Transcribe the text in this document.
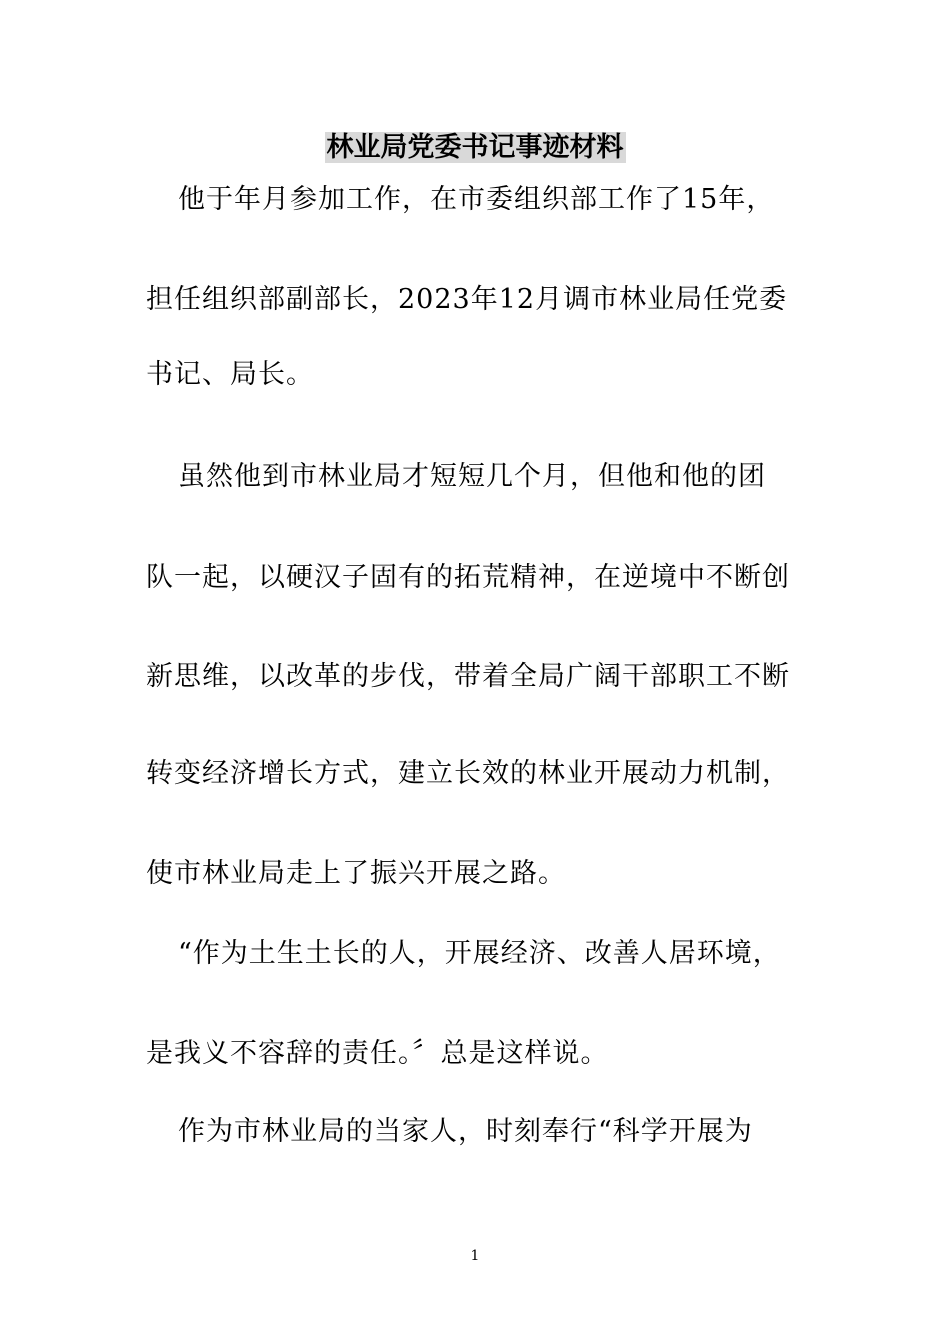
林业局党委书记事迹材料
他于年月参加工作，在市委组织部工作了15年，
担任组织部副部长，2023年12月调市林业局任党委
书记、局长。
虽然他到市林业局才短短几个月，但他和他的团
队一起，以硬汉子固有的拓荒精神，在逆境中不断创
新思维，以改革的步伐，带着全局广阔干部职工不断
转变经济增长方式，建立长效的林业开展动力机制，
使市林业局走上了振兴开展之路。
“作为土生土长的人，开展经济、改善人居环境，
是我义不容辞的责任。〞总是这样说。
作为市林业局的当家人，时刻奉行“科学开展为
1
